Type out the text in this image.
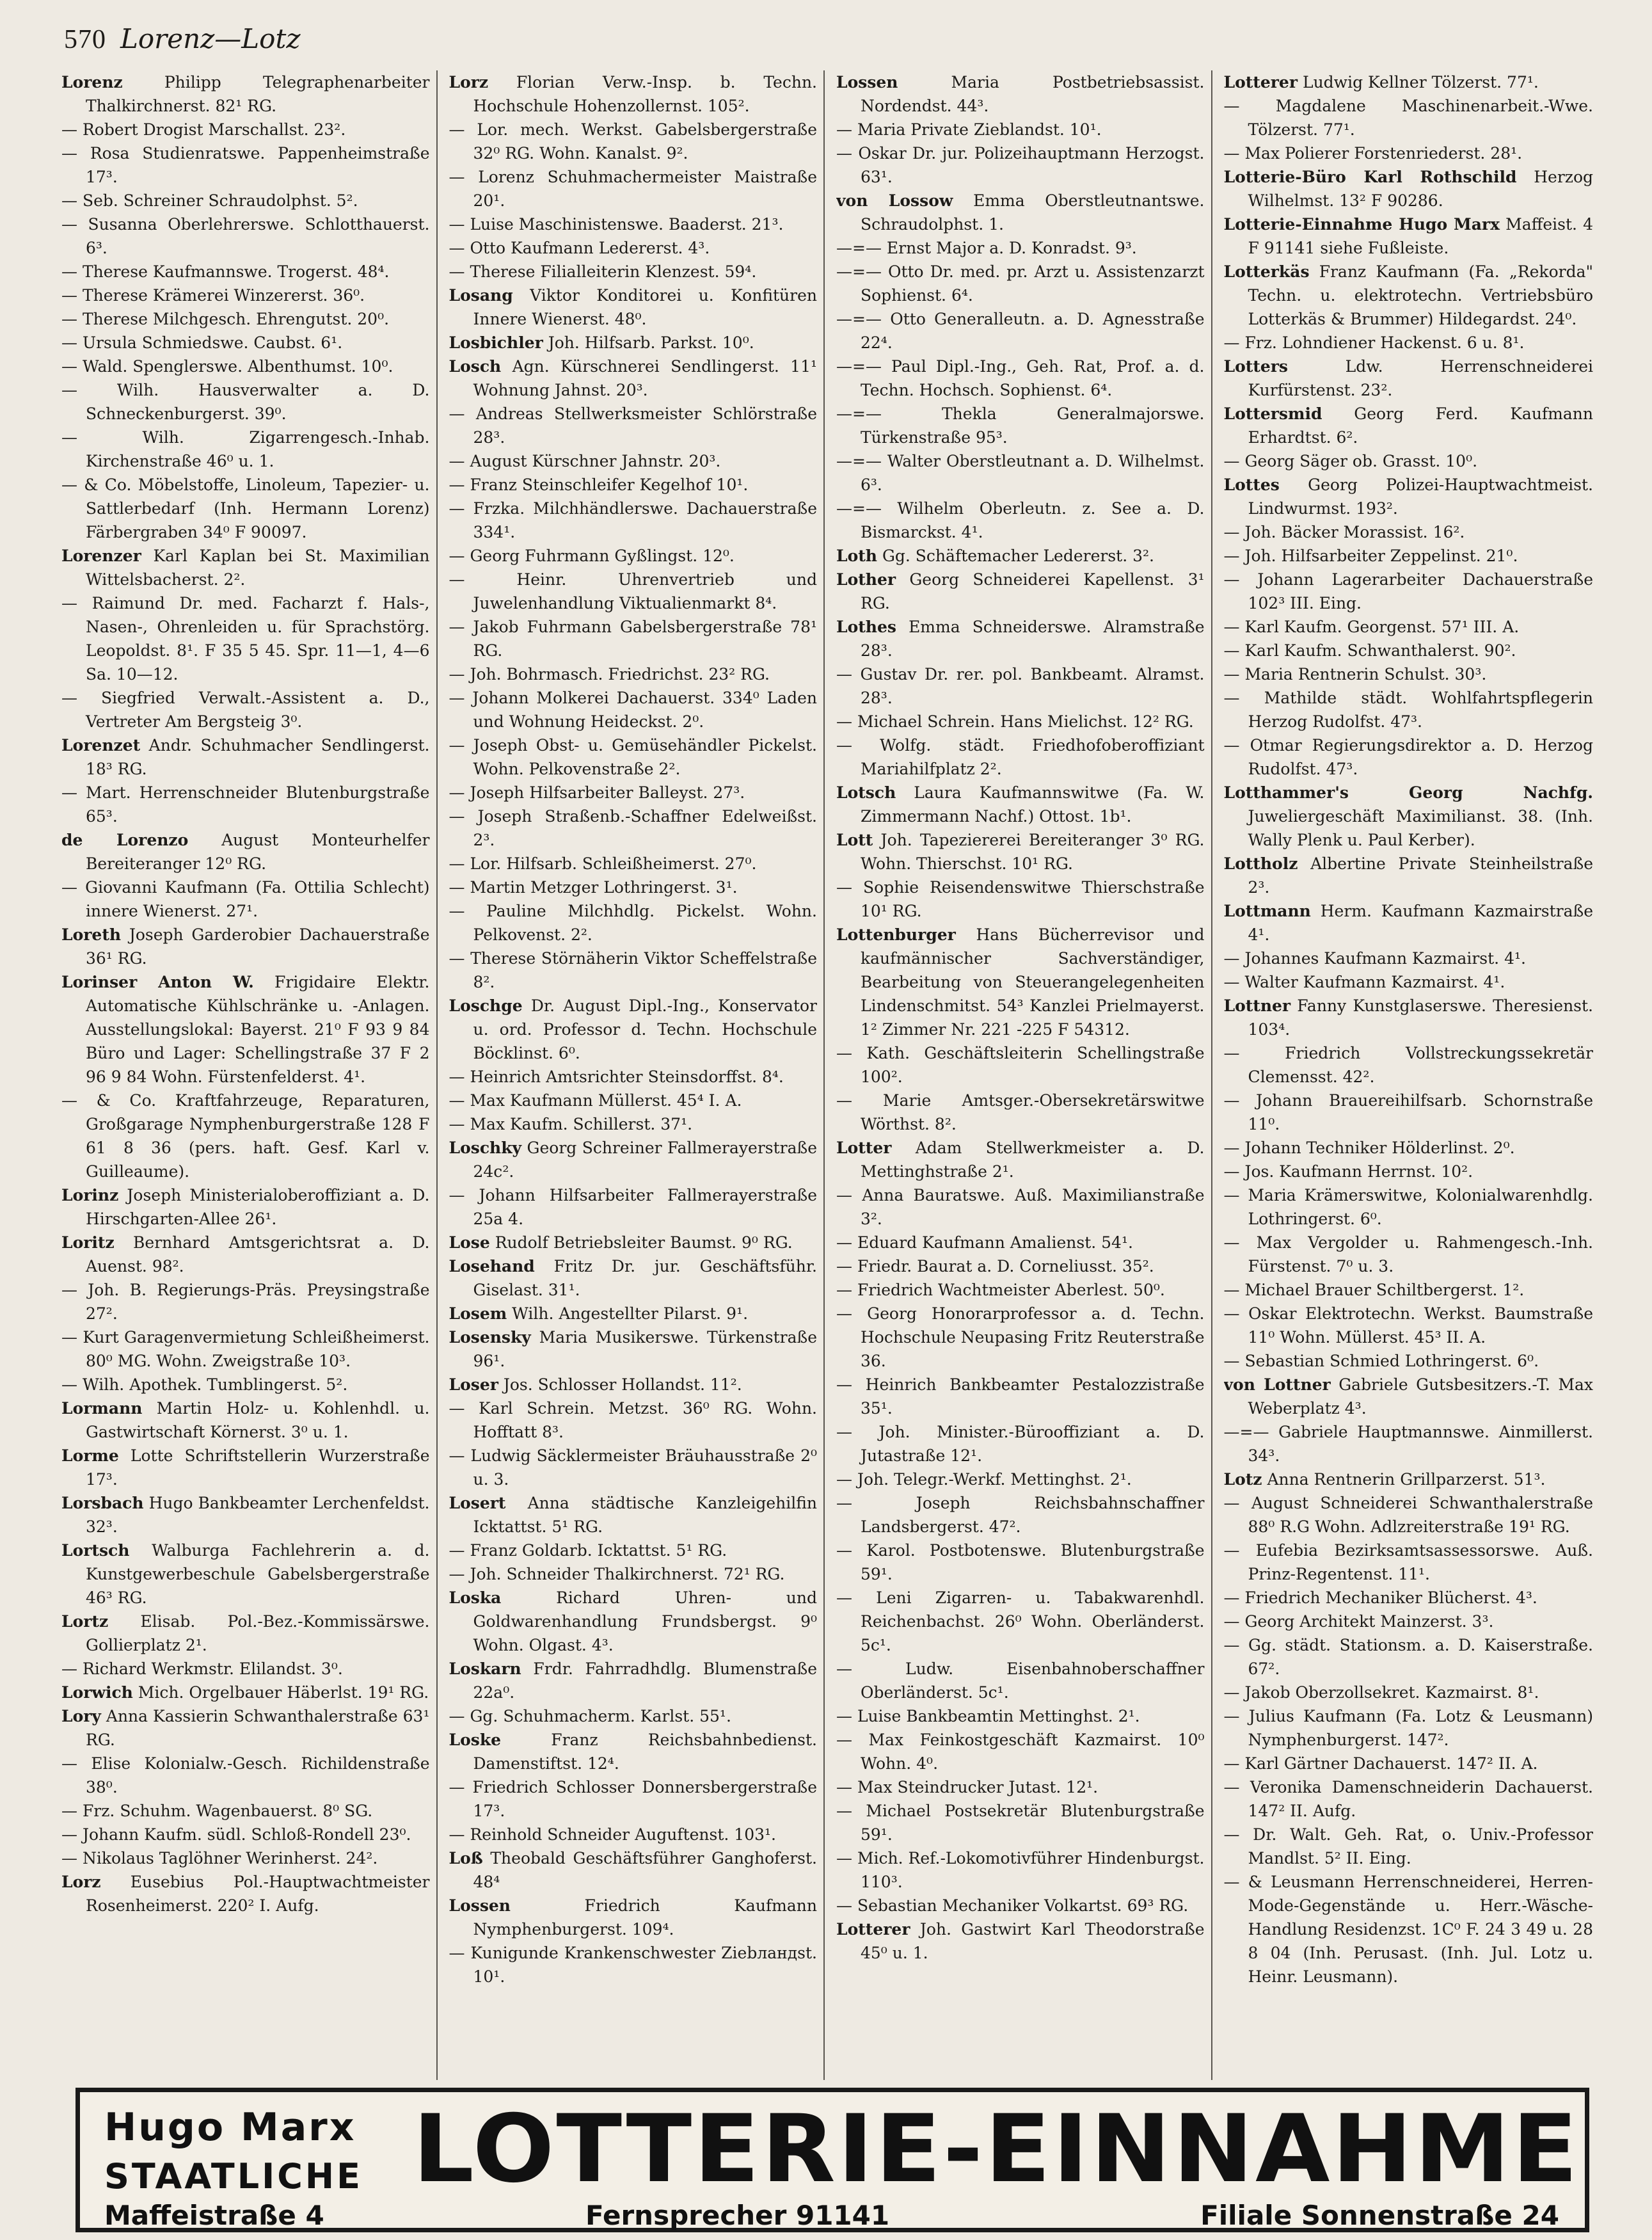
570 Lorenz—Lotz

Lorenz	Philipp Telegraphenarbeiter Thalkirchnerst. 82¹ RG.

— Robert Drogist Marschallst. 23².

— Rosa Studienratswe. Pappenheimstraße 17³.

— Seb. Schreiner Schraudolphst. 5².

— Susanna Oberlehrerswe. Schlotthauerst. 6³.

— Therese Kaufmannswe. Trogerst. 48⁴.

— Therese Krämerei Winzererst. 36⁰.

— Therese Milchgesch. Ehrengutst. 20⁰.

— Ursula Schmiedswe. Caubst. 6¹.

— Wald. Spenglerswe. Albenthumst. 10⁰.

— Wilh. Hausverwalter a. D. Schneckenburgerst. 39⁰.

—	Wilh. Zigarrengesch.-Inhab. Kirchenstraße 46⁰ u. 1.

— & Co. Möbelstoffe, Linoleum, Tapezier- u. Sattlerbedarf (Inh. Hermann Lorenz) Färbergraben 34⁰ F 90097.

Lorenzer Karl Kaplan bei St. Maximilian Wittelsbacherst. 2².

— Raimund Dr. med. Facharzt f. Hals-, Nasen-, Ohrenleiden u. für Sprachstörg. Leopoldst. 8¹. F 35 5 45. Spr. 11—1, 4—6 Sa. 10—12.

— Siegfried Verwalt.-Assistent a. D., Vertreter Am Bergsteig 3⁰.

Lorenzet Andr. Schuhmacher Sendlingerst. 18³ RG.

— Mart. Herrenschneider Blutenburgstraße 65³.

de Lorenzo August Monteurhelfer Bereiteranger 12⁰ RG.

— Giovanni Kaufmann (Fa. Ottilia Schlecht) innere Wienerst. 27¹.

Loreth Joseph Garderobier Dachauerstraße 36¹ RG.

Lorinser Anton W. Frigidaire Elektr. Automatische Kühlschränke u. -Anlagen. Ausstellungslokal: Bayerst. 21⁰ F 93 9 84 Büro und Lager: Schellingstraße 37 F 2 96 9 84 Wohn. Fürstenfelderst. 4¹.

— & Co. Kraftfahrzeuge, Reparaturen, Großgarage Nymphenburgerstraße 128 F 61 8 36 (pers. haft. Gesf. Karl v. Guilleaume).

Lorinz Joseph Ministerialobe​roffiziant a. D. Hirschgarten-Allee 26¹.

Loritz Bernhard Amtsgerichtsrat a. D. Auenst. 98².

— Joh. B. Regierungs-Präs. Preysingstraße 27².

— Kurt Garagenvermietung Schleißheimerst. 80⁰ MG. Wohn. Zweigstraße 10³.

— Wilh. Apothek. Tumblingerst. 5².

Lormann Martin Holz- u. Kohlenhdl. u. Gastwirtschaft Körnerst. 3⁰ u. 1.

Lorme Lotte Schriftstellerin Wurzerstraße 17³.

Lorsbach Hugo Bankbeamter Lerchenfeldst. 32³.

Lortsch Walburga Fachlehrerin a. d. Kunstgewerbeschule Gabelsbergerstraße 46³ RG.

Lortz Elisab. Pol.-Bez.-Kommissärswe. Gollierplatz 2¹.

— Richard Werkmstr. Elilandst. 3⁰.

Lorwich Mich. Orgelbauer Häberlst. 19¹ RG.

Lory Anna Kassierin Schwanthalerstraße 63¹ RG.

— Elise Kolonialw.-Gesch. Richildenstraße 38⁰.

— Frz. Schuhm. Wagenbauerst. 8⁰ SG.

— Johann Kaufm. südl. Schloß-Rondell 23⁰.

— Nikolaus Taglöhner Werinherst. 24².

Lorz Eusebius Pol.-Hauptwachtmeister Rosenheimerst. 220² I. Aufg.

Lorz Florian Verw.-Insp. b. Techn. Hochschule Hohenzollernst. 105².

— Lor. mech. Werkst. Gabelsbergerstraße 32⁰ RG. Wohn. Kanalst. 9².

— Lorenz Schuhmachermeister Maistraße 20¹.

— Luise Maschinistenswe. Baaderst. 21³.

— Otto Kaufmann Ledererst. 4³.

— Therese Filialleiterin Klenzest. 59⁴.

Losang Viktor Konditorei u. Konfitüren Innere Wienerst. 48⁰.

Losbichler Joh. Hilfsarb. Parkst. 10⁰.

Losch Agn. Kürschnerei Sendlingerst. 11¹ Wohnung Jahnst. 20³.

— Andreas Stellwerksmeister Schlörstraße 28³.

— August Kürschner Jahnstr. 20³.

— Franz Steinschleifer Kegelhof 10¹.

— Frzka. Milchhändlerswe. Dachauerstraße 334¹.

— Georg Fuhrmann Gyßlingst. 12⁰.

—	Heinr. Uhrenvertrieb und Juwelenhandlung Viktualienmarkt 8⁴.

— Jakob Fuhrmann Gabelsbergerstraße 78¹ RG.

— Joh. Bohrmasch. Friedrichst. 23² RG.

— Johann Molkerei Dachauerst. 334⁰ Laden und Wohnung Heideckst. 2⁰.

— Joseph Obst- u. Gemüsehändler Pickelst. Wohn. Pelkovenstraße 2².

— Joseph Hilfsarbeiter Balleyst. 27³.

— Joseph Straßenb.-Schaffner Edelweißst. 2³.

— Lor. Hilfsarb. Schleißheimerst. 27⁰.

— Martin Metzger Lothringerst. 3¹.

— Pauline Milchhdlg. Pickelst. Wohn. Pelkovenst. 2².

— Therese Störnäherin Viktor Scheffelstraße 8².

Loschge Dr. August Dipl.-Ing., Konservator u. ord. Professor d. Techn. Hochschule Böcklinst. 6⁰.

— Heinrich Amtsrichter Steinsdorffst. 8⁴.

— Max Kaufmann Müllerst. 45⁴ I. A.

— Max Kaufm. Schillerst. 37¹.

Loschky Georg Schreiner Fallmerayerstraße 24c².

— Johann Hilfsarbeiter Fallmerayerstraße 25a 4.

Lose Rudolf Betriebsleiter Baumst. 9⁰ RG.

Losehand Fritz Dr. jur. Geschäftsführ. Giselast. 31¹.

Losem Wilh. Angestellter Pilarst. 9¹.

Losensky Maria Musikerswe. Türkenstraße 96¹.

Loser Jos. Schlosser Hollandst. 11².

— Karl Schrein. Metzst. 36⁰ RG. Wohn. Hofftatt 8³.

— Ludwig Säcklermeister Bräuhausstraße 2⁰ u. 3.

Losert Anna städtische Kanzleigehilfin Icktattst. 5¹ RG.

— Franz Goldarb. Icktattst. 5¹ RG.

— Joh. Schneider Thalkirchnerst. 72¹ RG.

Loska	Richard Uhren- und Goldwarenhandlung Frundsbergst. 9⁰ Wohn. Olgast. 4³.

Loskarn Frdr. Fahrradhdlg. Blumenstraße 22a⁰.

— Gg. Schuhmacherm. Karlst. 55¹.

Loske	Franz Reichsbahnbedienst. Damenstiftst. 12⁴.

— Friedrich Schlosser Donnersbergerstraße 17³.

— Reinhold Schneider Auguftenst. 103¹.

Loß Theobald Geschäftsführer Ganghoferst. 48⁴

Lossen	Friedrich Kaufmann Nymphenburgerst. 109⁴.

— Kunigunde Krankenschwester Ziebландst. 10¹.

Lossen	Maria Postbetriebsassist. Nordendst. 44³.

— Maria Private Zieblandst. 10¹.

— Oskar Dr. jur. Polizeihauptmann Herzogst. 63¹.

von Lossow Emma Oberstleutnantswe. Schraudolphst. 1.

—=— Ernst Major a. D. Konradst. 9³.

—=— Otto Dr. med. pr. Arzt u. Assistenzarzt Sophienst. 6⁴.

—=— Otto Generalleutn. a. D. Agnesstraße 22⁴.

—=— Paul Dipl.-Ing., Geh. Rat, Prof. a. d. Techn. Hochsch. Sophienst. 6⁴.

—=—	Thekla Generalmajorswe. Türkenstraße 95³.

—=— Walter Oberstleutnant a. D. Wilhelmst. 6³.

—=— Wilhelm Oberleutn. z. See a. D. Bismarckst. 4¹.

Loth Gg. Schäftemacher Ledererst. 3².

Lother Georg Schneiderei Kapellenst. 3¹ RG.

Lothes Emma Schneiderswe. Alramstraße 28³.

— Gustav Dr. rer. pol. Bankbeamt. Alramst. 28³.

— Michael Schrein. Hans Mielichst. 12² RG.

— Wolfg. städt. Friedhofoberoffiziant Mariahilfplatz 2².

Lotsch Laura Kaufmannswitwe (Fa. W. Zimmermann Nachf.) Ottost. 1b¹.

Lott Joh. Tapeziererei Bereiteranger 3⁰ RG. Wohn. Thierschst. 10¹ RG.

— Sophie Reisendenswitwe Thierschstraße 10¹ RG.

Lottenburger Hans Bücherrevisor und kaufmännischer Sachverständiger, Bearbeitung von Steuerangelegenheiten Lindenschmitst. 54³ Kanzlei Prielmayerst. 1² Zimmer Nr. 221 -225 F 54312.

— Kath. Geschäftsleiterin Schellingstraße 100².

— Marie Amtsger.-Obersekretärswitwe Wörthst. 8².

Lotter Adam Stellwerkmeister a. D. Mettinghstraße 2¹.

— Anna Bauratswe. Auß. Maximilianstraße 3².

— Eduard Kaufmann Amalienst. 54¹.

— Friedr. Baurat a. D. Corneliusst. 35².

— Friedrich Wachtmeister Aberlest. 50⁰.

— Georg Honorarprofessor a. d. Techn. Hochschule Neupasing Fritz Reuterstraße 36.

— Heinrich Bankbeamter Pestalozzistraße 35¹.

— Joh. Minister.-Bürooffiziant a. D. Jutastraße 12¹.

— Joh. Telegr.-Werkf. Mettinghst. 2¹.

—	Joseph Reichsbahnschaffner Landsbergerst. 47².

— Karol. Postbotenswe. Blutenburgstraße 59¹.

— Leni Zigarren- u. Tabakwarenhdl. Reichenbachst. 26⁰ Wohn. Oberländerst. 5c¹.

—	Ludw. Eisenbahnoberschaffner Oberländerst. 5c¹.

— Luise Bankbeamtin Mettinghst. 2¹.

— Max Feinkostgeschäft Kazmairst. 10⁰ Wohn. 4⁰.

— Max Steindrucker Jutast. 12¹.

— Michael Postsekretär Blutenburgstraße 59¹.

— Mich. Ref.-Lokomotivführer Hindenburgst. 110³.

— Sebastian Mechaniker Volkartst. 69³ RG.

Lotterer Joh. Gastwirt Karl Theodorstraße 45⁰ u. 1.

Lotterer Ludwig Kellner Tölzerst. 77¹.

— Magdalene Maschinenarbeit.-Wwe. Tölzerst. 77¹.

— Max Polierer Forstenriederst. 28¹.

Lotterie-Büro Karl Rothschild Herzog Wilhelmst. 13² F 90286.

Lotterie-Einnahme Hugo Marx Maffeist. 4 F 91141 siehe Fußleiste.

Lotterkäs Franz Kaufmann (Fa. „Rekorda" Techn. u. elektrotechn. Vertriebsbüro Lotterkäs & Brummer) Hildegardst. 24⁰.

— Frz. Lohndiener Hackenst. 6 u. 8¹.

Lotters	Ldw. Herrenschneiderei Kurfürstenst. 23².

Lottersmid Georg Ferd. Kaufmann Erhardtst. 6².

— Georg Säger ob. Grasst. 10⁰.

Lottes Georg Polizei-Hauptwachtmeist. Lindwurmst. 193².

— Joh. Bäcker Morassist. 16².

— Joh. Hilfsarbeiter Zeppelinst. 21⁰.

— Johann Lagerarbeiter Dachauerstraße 102³ III. Eing.

— Karl Kaufm. Georgenst. 57¹ III. A.

— Karl Kaufm. Schwanthalerst. 90².

— Maria Rentnerin Schulst. 30³.

— Mathilde städt. Wohlfahrtspflegerin Herzog Rudolfst. 47³.

— Otmar Regierungsdirektor a. D. Herzog Rudolfst. 47³.

Lotthammer's Georg Nachfg. Juweliergeschäft Maximilianst. 38. (Inh. Wally Plenk u. Paul Kerber).

Lottholz Albertine Private Steinheilstraße 2³.

Lottmann Herm. Kaufmann Kazmairstraße 4¹.

— Johannes Kaufmann Kazmairst. 4¹.

— Walter Kaufmann Kazmairst. 4¹.

Lottner Fanny Kunstglaserswe. Theresienst. 103⁴.

—	Friedrich Vollstreckungssekretär Clemensst. 42².

— Johann Brauereihilfsarb. Schornstraße 11⁰.

— Johann Techniker Hölderlinst. 2⁰.

— Jos. Kaufmann Herrnst. 10².

— Maria Krämerswitwe, Kolonialwarenhdlg. Lothringerst. 6⁰.

— Max Vergolder u. Rahmengesch.-Inh. Fürstenst. 7⁰ u. 3.

— Michael Brauer Schiltbergerst. 1².

— Oskar Elektrotechn. Werkst. Baumstraße 11⁰ Wohn. Müllerst. 45³ II. A.

— Sebastian Schmied Lothringerst. 6⁰.

von Lottner Gabriele Gutsbesitzers.-T. Max Weberplatz 4³.

—=— Gabriele Hauptmannswe. Ainmillerst. 34³.

Lotz Anna Rentnerin Grillparzerst. 51³.

— August Schneiderei Schwanthalerstraße 88⁰ R.G Wohn. Adlzreiterstraße 19¹ RG.

— Eufebia Bezirksamtsassessorswe. Auß. Prinz-Regentenst. 11¹.

— Friedrich Mechaniker Blücherst. 4³.

— Georg Architekt Mainzerst. 3³.

— Gg. städt. Stationsm. a. D. Kaiserstraße. 67².

— Jakob Oberzollsekret. Kazmairst. 8¹.

— Julius Kaufmann (Fa. Lotz & Leusmann) Nymphenburgerst. 147².

— Karl Gärtner Dachauerst. 147² II. A.

— Veronika Damenschneiderin Dachauerst. 147² II. Aufg.

— Dr. Walt. Geh. Rat, o. Univ.-Professor Mandlst. 5² II. Eing.

— & Leusmann Herrenschneiderei, Herren-Mode-Gegenstände u. Herr.-Wäsche-Handlung Residenzst. 1C⁰ F. 24 3 49 u. 28 8 04 (Inh. Perusast. (Inh. Jul. Lotz u. Heinr. Leusmann).

Hugo Marx
STAATLICHE LOTTERIE-EINNAHME
Maffeistraße 4	Fernsprecher 91141	Filiale Sonnenstraße 24
